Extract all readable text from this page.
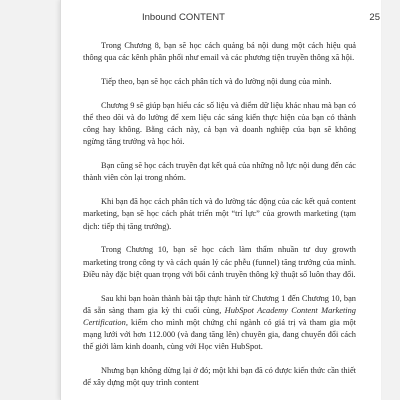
Inbound CONTENT	25

Trong Chương 8, bạn sẽ học cách quảng bá nội dung một cách hiệu quả thông qua các kênh phân phối như email và các phương tiện truyền thông xã hội.

Tiếp theo, bạn sẽ học cách phân tích và đo lường nội dung của mình.

Chương 9 sẽ giúp bạn hiểu các số liệu và điểm dữ liệu khác nhau mà bạn có thể theo dõi và đo lường để xem liệu các sáng kiến thực hiện của bạn có thành công hay không. Bằng cách này, cả bạn và doanh nghiệp của bạn sẽ không ngừng tăng trưởng và học hỏi.

Bạn cũng sẽ học cách truyền đạt kết quả của những nỗ lực nội dung đến các thành viên còn lại trong nhóm.

Khi bạn đã học cách phân tích và đo lường tác động của các kết quả content marketing, bạn sẽ học cách phát triển một “trí lực” của growth marketing (tạm dịch: tiếp thị tăng trưởng).

Trong Chương 10, bạn sẽ học cách làm thẩm nhuần tư duy growth marketing trong công ty và cách quản lý các phễu (funnel) tăng trưởng của mình. Điều này đặc biệt quan trọng với bối cảnh truyền thông kỹ thuật số luôn thay đổi.

Sau khi bạn hoàn thành bài tập thực hành từ Chương 1 đến Chương 10, bạn đã sẵn sàng tham gia kỳ thi cuối cùng, HubSpot Academy Content Marketing Certification, kiếm cho mình một chứng chỉ ngành có giá trị và tham gia một mạng lưới với hơn 112.000 (và đang tăng lên) chuyên gia, đang chuyển đổi cách thế giới làm kinh doanh, cùng với Học viên HubSpot.

Nhưng bạn không dừng lại ở đó; một khi bạn đã có được kiến thức cần thiết để xây dựng một quy trình content
